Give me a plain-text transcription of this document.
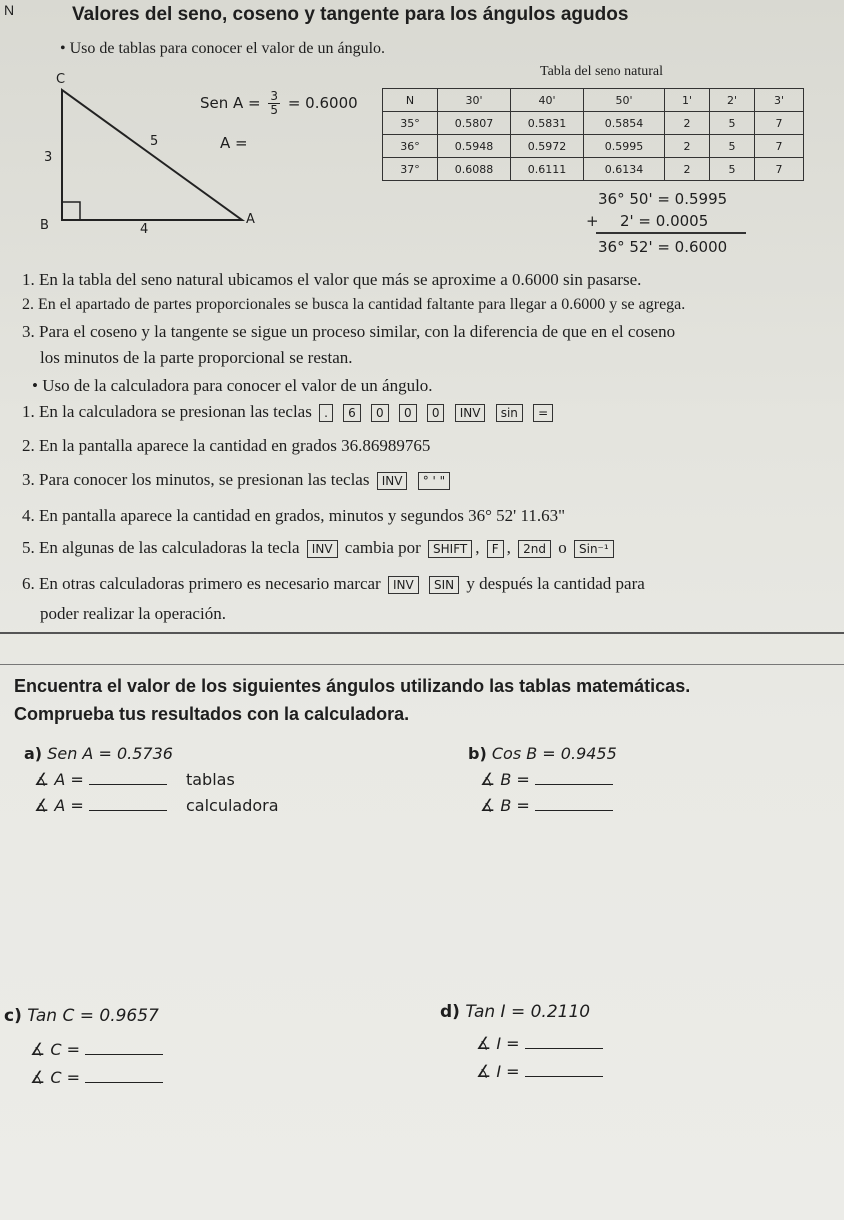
N	Valores del seno, coseno y tangente para los ángulos agudos
• Uso de tablas para conocer el valor de un ángulo.
Tabla del seno natural
C
B	A
5
3
4
Sen $A = \frac{3}{5} = 0.6000$
A =
N	30'	40'	50'	1'	2'	3'
35°	0.5807	0.5831	0.5854	2	5	7
36°	0.5948	0.5972	0.5995	2	5	7
37°	0.6088	0.6111	0.6134	2	5	7
36° 50' = 0.5995
+ 2' = 0.0005
36° 52' = 0.6000
1. En la tabla del seno natural ubicamos el valor que más se aproxime a 0.6000 sin pasarse.
2. En el apartado de partes proporcionales se busca la cantidad faltante para llegar a 0.6000 y se agrega.
3. Para el coseno y la tangente se sigue un proceso similar, con la diferencia de que en el coseno
los minutos de la parte proporcional se restan.
• Uso de la calculadora para conocer el valor de un ángulo.
1. En la calculadora se presionan las teclas . 6 0 0 0 INV sin =
2. En la pantalla aparece la cantidad en grados 36.86989765
3. Para conocer los minutos, se presionan las teclas INV ° ' "
4. En pantalla aparece la cantidad en grados, minutos y segundos 36° 52' 11.63"
5. En algunas de las calculadoras la tecla INV cambia por SHIFT , F , 2nd o Sin⁻¹
6. En otras calculadoras primero es necesario marcar INV SIN y después la cantidad para
poder realizar la operación.
Encuentra el valor de los siguientes ángulos utilizando las tablas matemáticas.
Comprueba tus resultados con la calculadora.
a) Sen A = 0.5736
∡ A =	tablas
∡ A =	calculadora
b) Cos B = 0.9455
∡ B =
∡ B =
c) Tan C = 0.9657
∡ C =
∡ C =
d) Tan I = 0.2110
∡ I =
∡ I =
